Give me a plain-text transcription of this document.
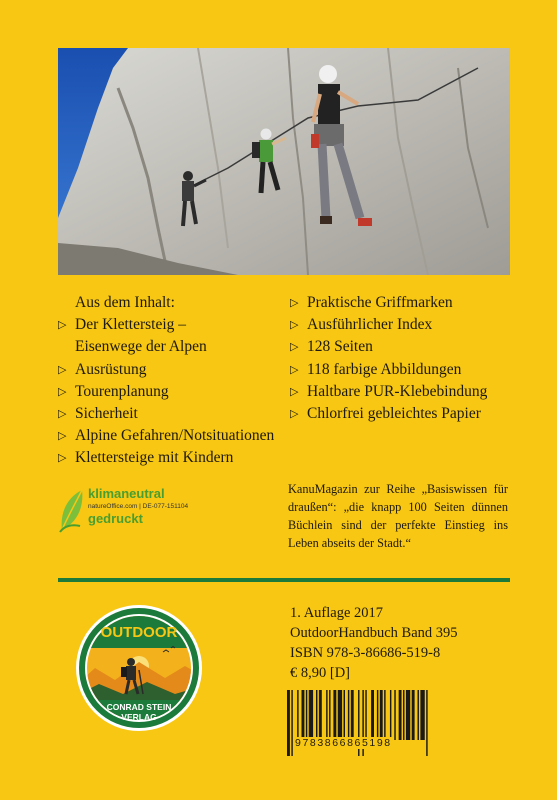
Aus dem Inhalt:
▷ Der Klettersteig –
Eisenwege der Alpen
▷ Ausrüstung
▷ Tourenplanung
▷ Sicherheit
▷ Alpine Gefahren/Notsituationen
▷ Klettersteige mit Kindern
▷ Praktische Griffmarken
▷ Ausführlicher Index
▷ 128 Seiten
▷ 118 farbige Abbildungen
▷ Haltbare PUR-Klebebindung
▷ Chlorfrei gebleichtes Papier
klimaneutral
natureOffice.com | DE-077-151104
gedruckt
KanuMagazin zur Reihe „Basiswissen für draußen“: „die knapp 100 Seiten dünnen Büchlein sind der perfekte Einstieg ins Leben abseits der Stadt.“
OUTDOOR
CONRAD STEIN
VERLAG
1. Auflage 2017
OutdoorHandbuch Band 395
ISBN 978-3-86686-519-8
€ 8,90 [D]
9783866865198
